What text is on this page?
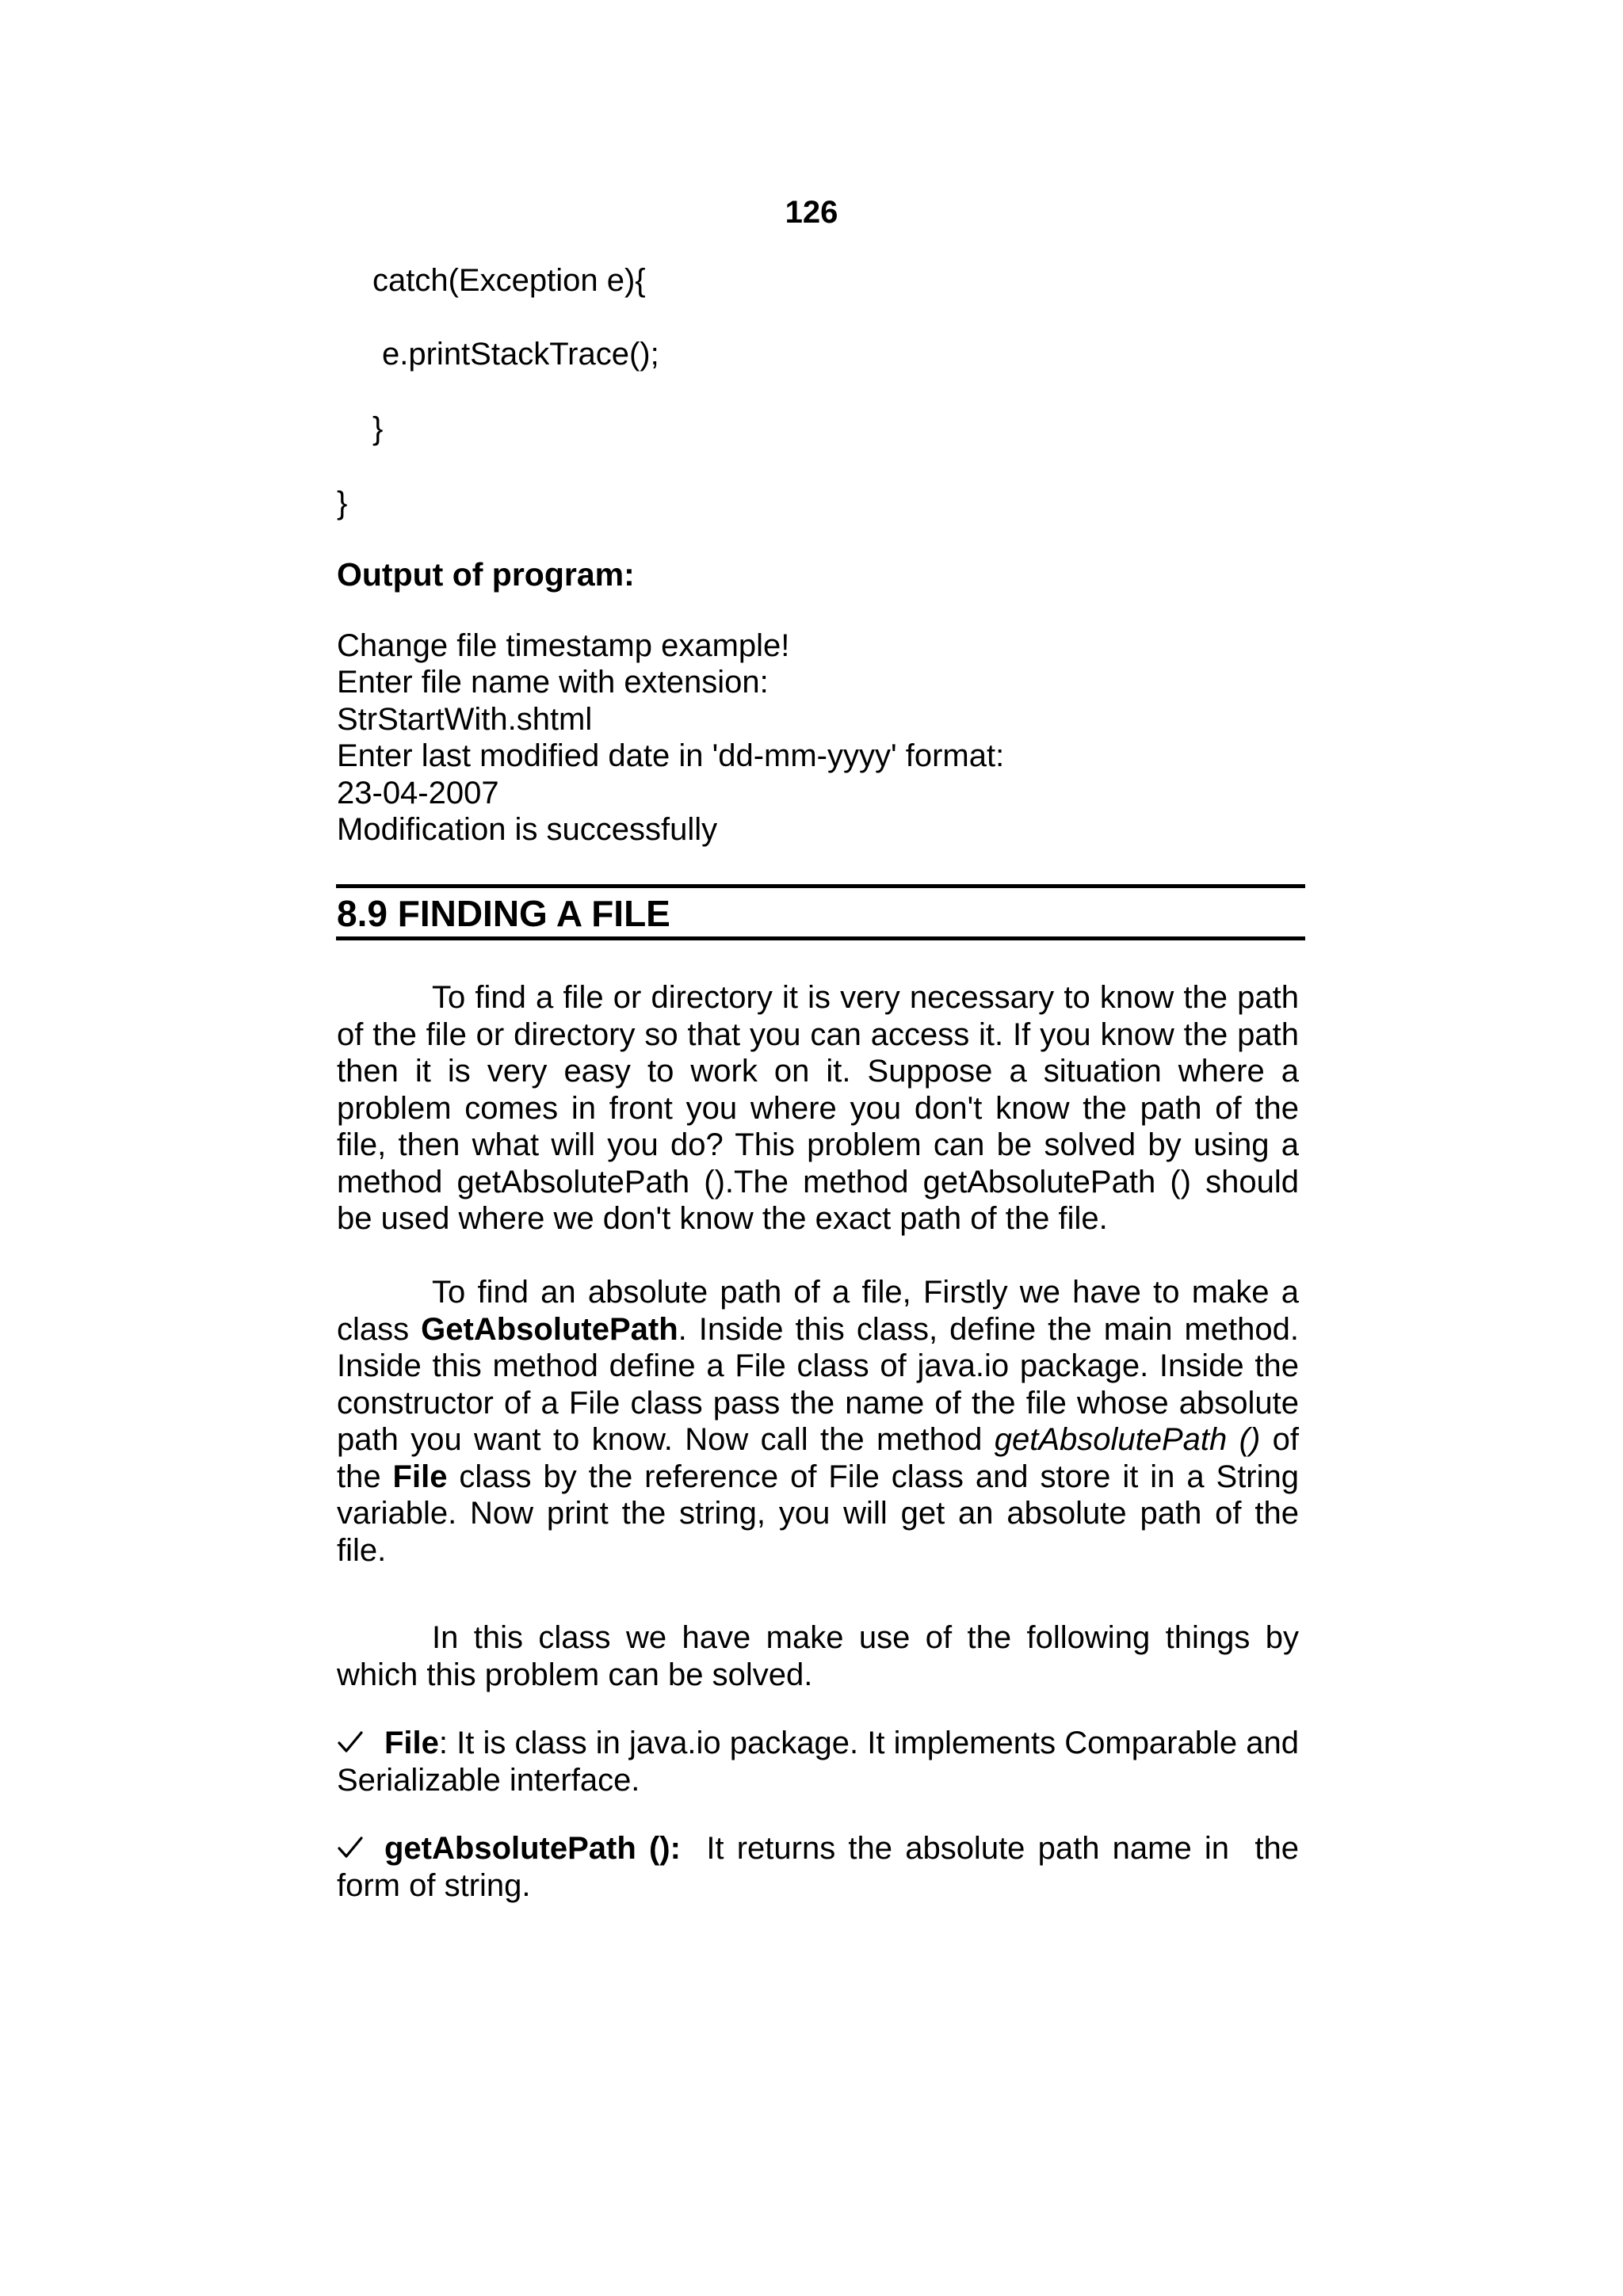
126
catch(Exception e){
e.printStackTrace();
}
}
Output of program:
Change file timestamp example!
Enter file name with extension:
StrStartWith.shtml
Enter last modified date in 'dd-mm-yyyy' format:
23-04-2007
Modification is successfully
8.9 FINDING A FILE

To find a file or directory it is very necessary to know the path of the file or directory so that you can access it. If you know the path then it is very easy to work on it. Suppose a situation where a problem comes in front you where you don't know the path of the file, then what will you do? This problem can be solved by using a method getAbsolutePath ().The method getAbsolutePath () should be used where we don't know the exact path of the file.

To find an absolute path of a file, Firstly we have to make a class GetAbsolutePath. Inside this class, define the main method. Inside this method define a File class of java.io package. Inside the constructor of a File class pass the name of the file whose absolute path you want to know. Now call the method getAbsolutePath () of the File class by the reference of File class and store it in a String variable. Now print the string, you will get an absolute path of the file.

In this class we have make use of the following things by which this problem can be solved.

File: It is class in java.io package. It implements Comparable and Serializable interface.

getAbsolutePath ():  It returns the absolute path name in  the form of string.
